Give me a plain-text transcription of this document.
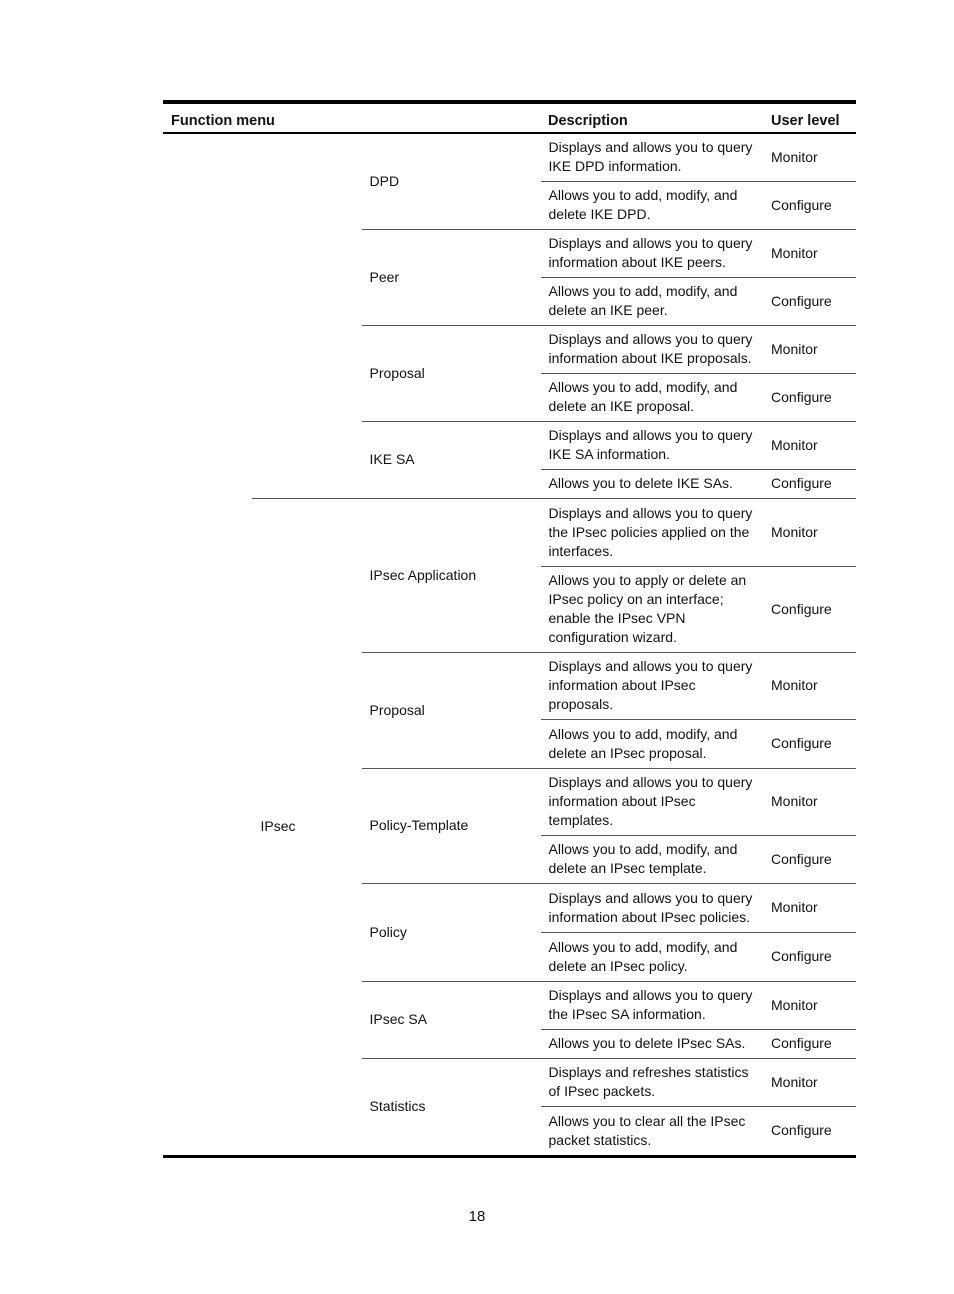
Function menu			Description	User level
		DPD	Displays and allows you to query IKE DPD information.	Monitor
			Allows you to add, modify, and delete IKE DPD.	Configure
		Peer	Displays and allows you to query information about IKE peers.	Monitor
			Allows you to add, modify, and delete an IKE peer.	Configure
		Proposal	Displays and allows you to query information about IKE proposals.	Monitor
			Allows you to add, modify, and delete an IKE proposal.	Configure
		IKE SA	Displays and allows you to query IKE SA information.	Monitor
			Allows you to delete IKE SAs.	Configure
	IPsec	IPsec Application	Displays and allows you to query the IPsec policies applied on the interfaces.	Monitor
			Allows you to apply or delete an IPsec policy on an interface; enable the IPsec VPN configuration wizard.	Configure
		Proposal	Displays and allows you to query information about IPsec proposals.	Monitor
			Allows you to add, modify, and delete an IPsec proposal.	Configure
		Policy-Template	Displays and allows you to query information about IPsec templates.	Monitor
			Allows you to add, modify, and delete an IPsec template.	Configure
		Policy	Displays and allows you to query information about IPsec policies.	Monitor
			Allows you to add, modify, and delete an IPsec policy.	Configure
		IPsec SA	Displays and allows you to query the IPsec SA information.	Monitor
			Allows you to delete IPsec SAs.	Configure
		Statistics	Displays and refreshes statistics of IPsec packets.	Monitor
			Allows you to clear all the IPsec packet statistics.	Configure
18
